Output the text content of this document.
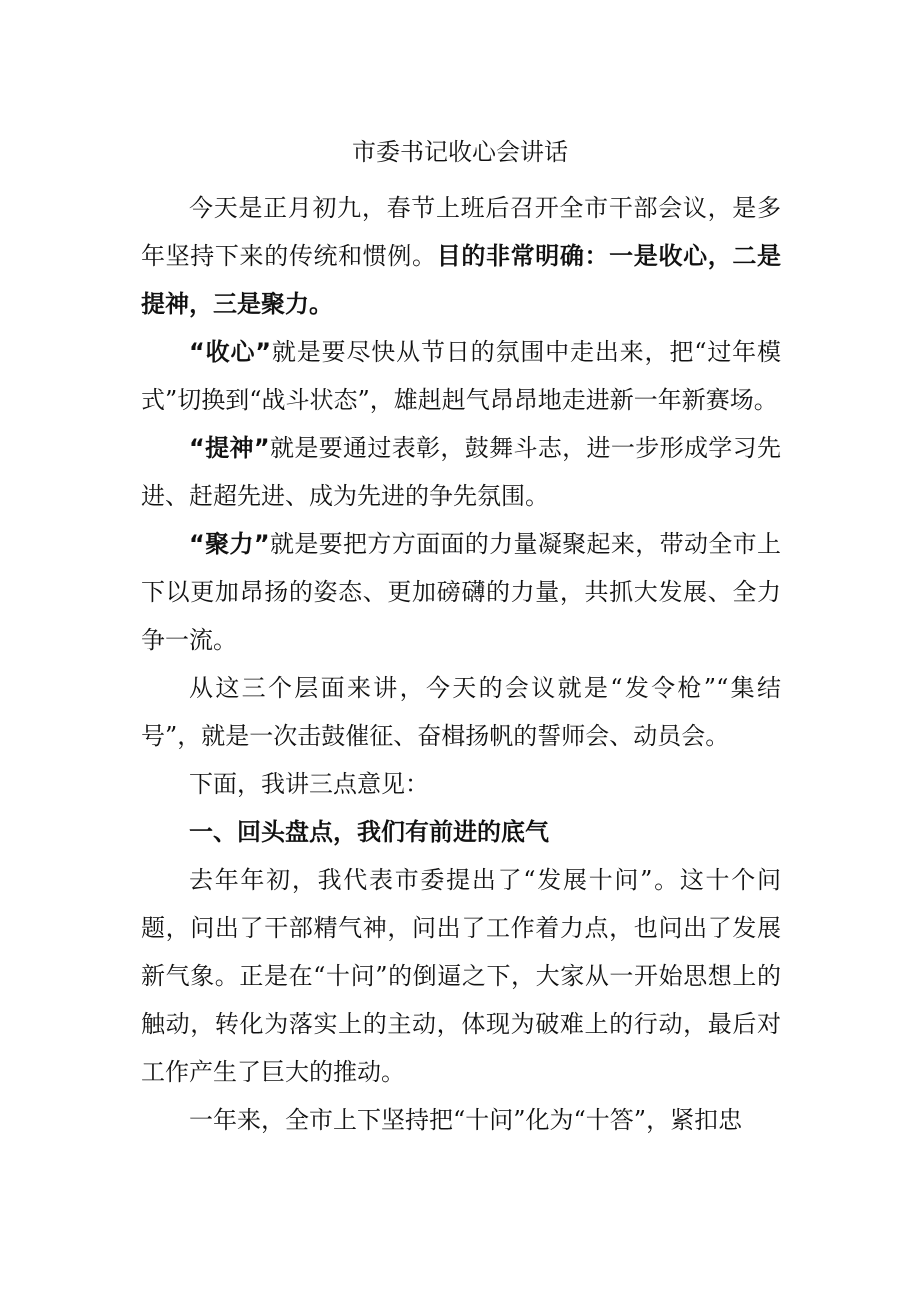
市委书记收心会讲话

今天是正月初九，春节上班后召开全市干部会议，是多年坚持下来的传统和惯例。目的非常明确：一是收心，二是提神，三是聚力。

“收心”就是要尽快从节日的氛围中走出来，把“过年模式”切换到“战斗状态”，雄赳赳气昂昂地走进新一年新赛场。

“提神”就是要通过表彰，鼓舞斗志，进一步形成学习先进、赶超先进、成为先进的争先氛围。

“聚力”就是要把方方面面的力量凝聚起来，带动全市上下以更加昂扬的姿态、更加磅礴的力量，共抓大发展、全力争一流。

从这三个层面来讲，今天的会议就是“发令枪”“集结号”，就是一次击鼓催征、奋楫扬帆的誓师会、动员会。

下面，我讲三点意见：

一、回头盘点，我们有前进的底气

去年年初，我代表市委提出了“发展十问”。这十个问题，问出了干部精气神，问出了工作着力点，也问出了发展新气象。正是在“十问”的倒逼之下，大家从一开始思想上的触动，转化为落实上的主动，体现为破难上的行动，最后对工作产生了巨大的推动。

一年来，全市上下坚持把“十问”化为“十答”，紧扣忠
